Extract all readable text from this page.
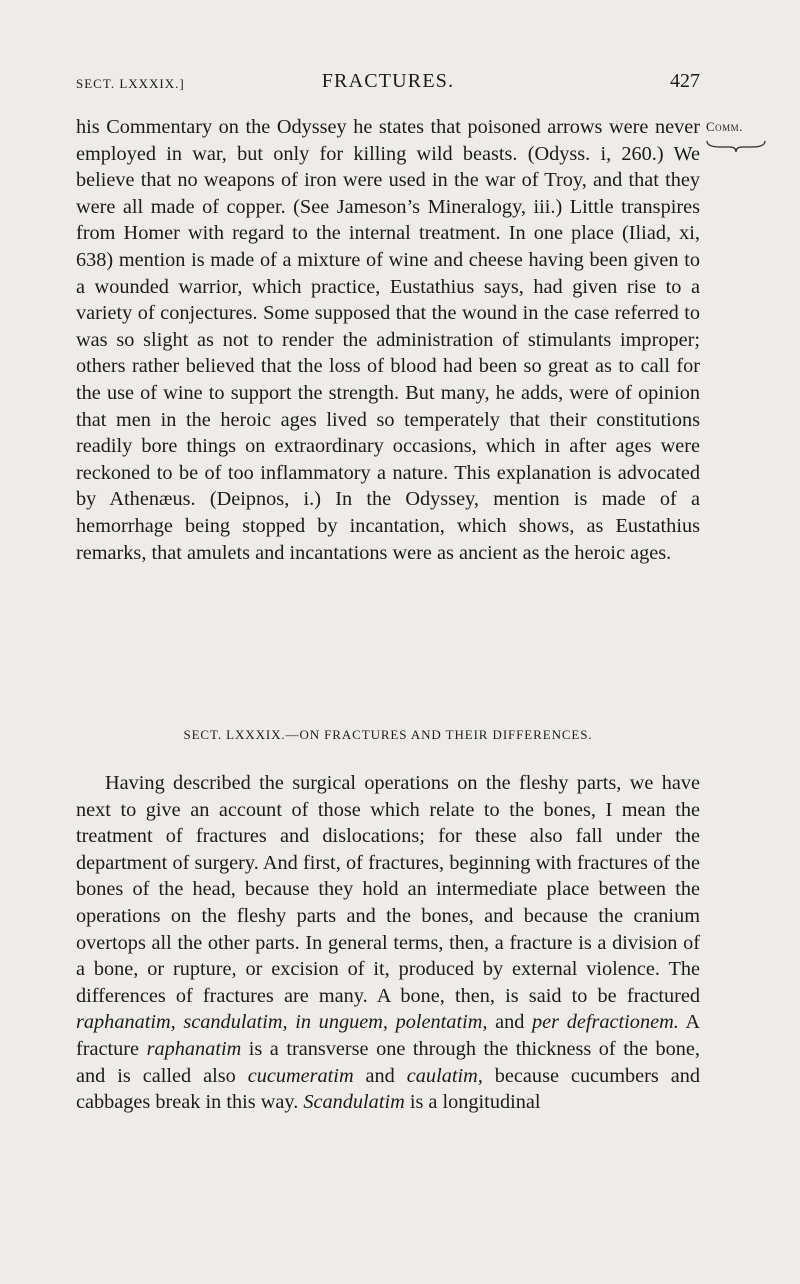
SECT. LXXXIX.]	FRACTURES.	427
Comm.
his Commentary on the Odyssey he states that poisoned arrows were never employed in war, but only for killing wild beasts. (Odyss. i, 260.) We believe that no weapons of iron were used in the war of Troy, and that they were all made of copper. (See Jameson’s Mineralogy, iii.) Little transpires from Homer with regard to the internal treatment. In one place (Iliad, xi, 638) mention is made of a mixture of wine and cheese having been given to a wounded warrior, which practice, Eustathius says, had given rise to a variety of conjectures. Some supposed that the wound in the case referred to was so slight as not to render the administration of stimulants improper; others rather believed that the loss of blood had been so great as to call for the use of wine to support the strength. But many, he adds, were of opinion that men in the heroic ages lived so temperately that their constitutions readily bore things on extraordinary occasions, which in after ages were reckoned to be of too inflammatory a nature. This explanation is advocated by Athenæus. (Deipnos, i.) In the Odyssey, mention is made of a hemorrhage being stopped by incantation, which shows, as Eustathius remarks, that amulets and incantations were as ancient as the heroic ages.
SECT. LXXXIX.—ON FRACTURES AND THEIR DIFFERENCES.
Having described the surgical operations on the fleshy parts, we have next to give an account of those which relate to the bones, I mean the treatment of fractures and dislocations; for these also fall under the department of surgery. And first, of fractures, beginning with fractures of the bones of the head, because they hold an intermediate place between the operations on the fleshy parts and the bones, and because the cranium overtops all the other parts. In general terms, then, a fracture is a division of a bone, or rupture, or excision of it, produced by external violence. The differences of fractures are many. A bone, then, is said to be fractured raphanatim, scandulatim, in unguem, polentatim, and per defractionem. A fracture raphanatim is a transverse one through the thickness of the bone, and is called also cucumeratim and caulatim, because cucumbers and cabbages break in this way. Scandulatim is a longitudinal
